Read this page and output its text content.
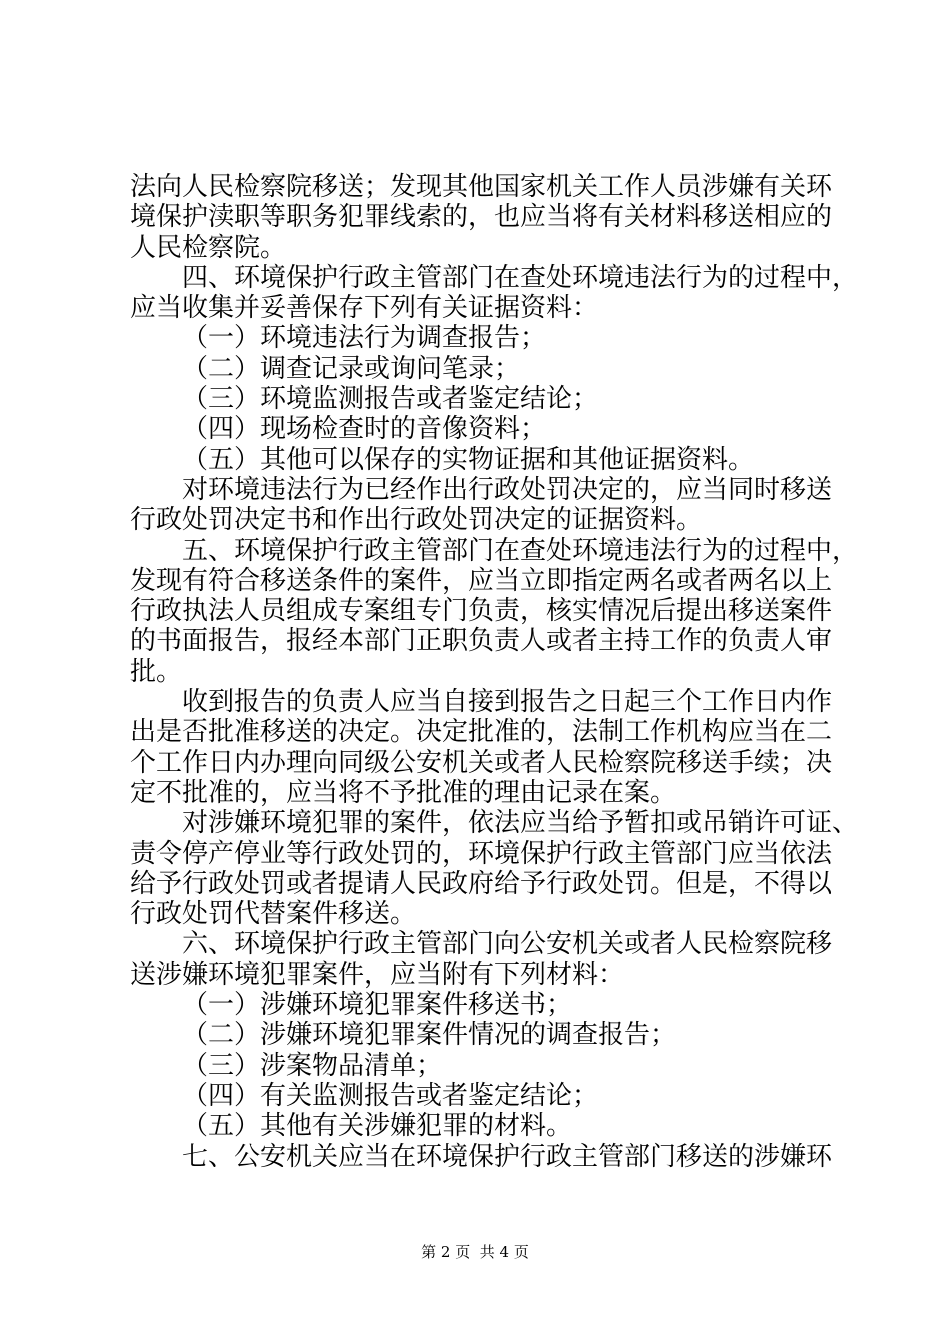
法向人民检察院移送；发现其他国家机关工作人员涉嫌有关环
境保护渎职等职务犯罪线索的，也应当将有关材料移送相应的
人民检察院。
四、环境保护行政主管部门在查处环境违法行为的过程中，
应当收集并妥善保存下列有关证据资料：
（一）环境违法行为调查报告；
（二）调查记录或询问笔录；
（三）环境监测报告或者鉴定结论；
（四）现场检查时的音像资料；
（五）其他可以保存的实物证据和其他证据资料。
对环境违法行为已经作出行政处罚决定的，应当同时移送
行政处罚决定书和作出行政处罚决定的证据资料。
五、环境保护行政主管部门在查处环境违法行为的过程中，
发现有符合移送条件的案件，应当立即指定两名或者两名以上
行政执法人员组成专案组专门负责，核实情况后提出移送案件
的书面报告，报经本部门正职负责人或者主持工作的负责人审
批。
收到报告的负责人应当自接到报告之日起三个工作日内作
出是否批准移送的决定。决定批准的，法制工作机构应当在二
个工作日内办理向同级公安机关或者人民检察院移送手续；决
定不批准的，应当将不予批准的理由记录在案。
对涉嫌环境犯罪的案件，依法应当给予暂扣或吊销许可证、
责令停产停业等行政处罚的，环境保护行政主管部门应当依法
给予行政处罚或者提请人民政府给予行政处罚。但是，不得以
行政处罚代替案件移送。
六、环境保护行政主管部门向公安机关或者人民检察院移
送涉嫌环境犯罪案件，应当附有下列材料：
（一）涉嫌环境犯罪案件移送书；
（二）涉嫌环境犯罪案件情况的调查报告；
（三）涉案物品清单；
（四）有关监测报告或者鉴定结论；
（五）其他有关涉嫌犯罪的材料。
七、公安机关应当在环境保护行政主管部门移送的涉嫌环
第 2 页  共 4 页
